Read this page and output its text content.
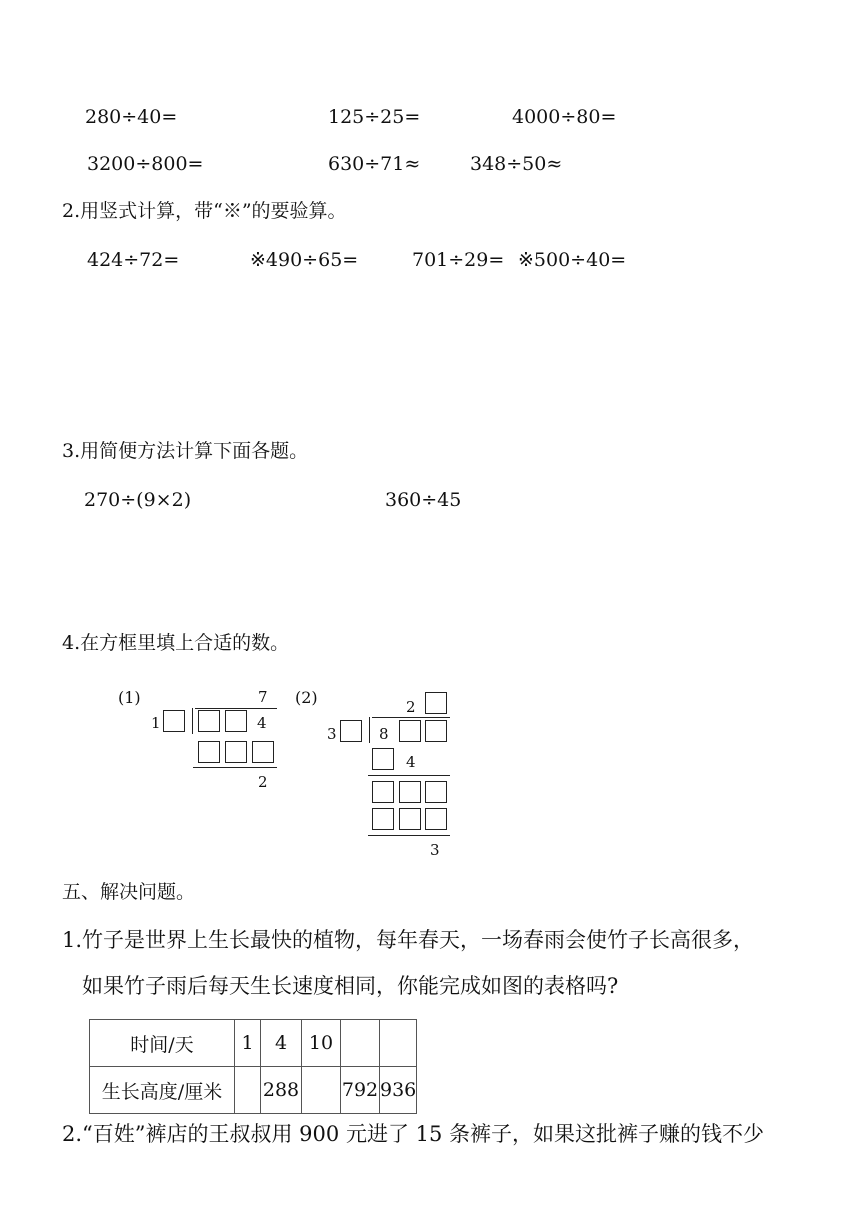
280÷40=	125÷25=	4000÷80=
3200÷800=	630÷71≈	348÷50≈
2.用竖式计算，带“※”的要验算。
424÷72=	※490÷65=	701÷29= ※500÷40=
3.用简便方法计算下面各题。
270÷(9×2)	360÷45
4.在方框里填上合适的数。
(1)	7
1	4
2
(2)	2
3	8
4
3
五、解决问题。
1.竹子是世界上生长最快的植物，每年春天，一场春雨会使竹子长高很多，
如果竹子雨后每天生长速度相同，你能完成如图的表格吗?
时间/天	1	4	10		
生长高度/厘米		288		792	936
2.“百姓”裤店的王叔叔用 900 元进了 15 条裤子，如果这批裤子赚的钱不少
